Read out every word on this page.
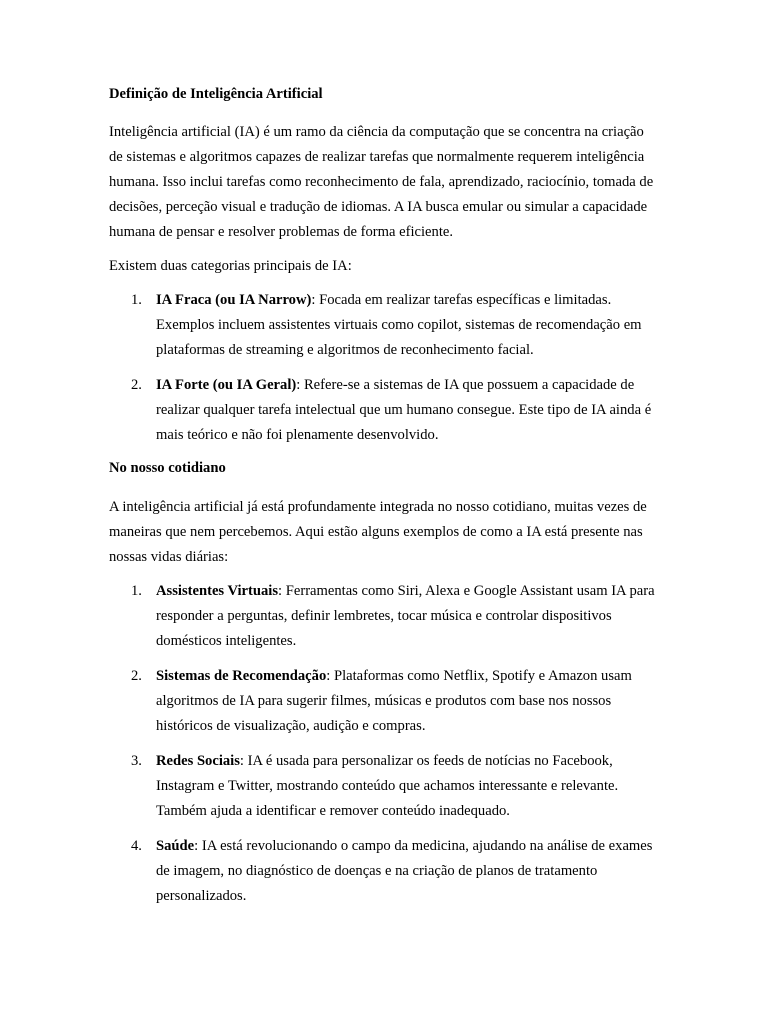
Definição de Inteligência Artificial

Inteligência artificial (IA) é um ramo da ciência da computação que se concentra na criação de sistemas e algoritmos capazes de realizar tarefas que normalmente requerem inteligência humana. Isso inclui tarefas como reconhecimento de fala, aprendizado, raciocínio, tomada de decisões, perceção visual e tradução de idiomas. A IA busca emular ou simular a capacidade humana de pensar e resolver problemas de forma eficiente.

Existem duas categorias principais de IA:

1. IA Fraca (ou IA Narrow): Focada em realizar tarefas específicas e limitadas. Exemplos incluem assistentes virtuais como copilot, sistemas de recomendação em plataformas de streaming e algoritmos de reconhecimento facial.
2. IA Forte (ou IA Geral): Refere-se a sistemas de IA que possuem a capacidade de realizar qualquer tarefa intelectual que um humano consegue. Este tipo de IA ainda é mais teórico e não foi plenamente desenvolvido.
No nosso cotidiano

A inteligência artificial já está profundamente integrada no nosso cotidiano, muitas vezes de maneiras que nem percebemos. Aqui estão alguns exemplos de como a IA está presente nas nossas vidas diárias:

1. Assistentes Virtuais: Ferramentas como Siri, Alexa e Google Assistant usam IA para responder a perguntas, definir lembretes, tocar música e controlar dispositivos domésticos inteligentes.
2. Sistemas de Recomendação: Plataformas como Netflix, Spotify e Amazon usam algoritmos de IA para sugerir filmes, músicas e produtos com base nos nossos históricos de visualização, audição e compras.
3. Redes Sociais: IA é usada para personalizar os feeds de notícias no Facebook, Instagram e Twitter, mostrando conteúdo que achamos interessante e relevante. Também ajuda a identificar e remover conteúdo inadequado.
4. Saúde: IA está revolucionando o campo da medicina, ajudando na análise de exames de imagem, no diagnóstico de doenças e na criação de planos de tratamento personalizados.
